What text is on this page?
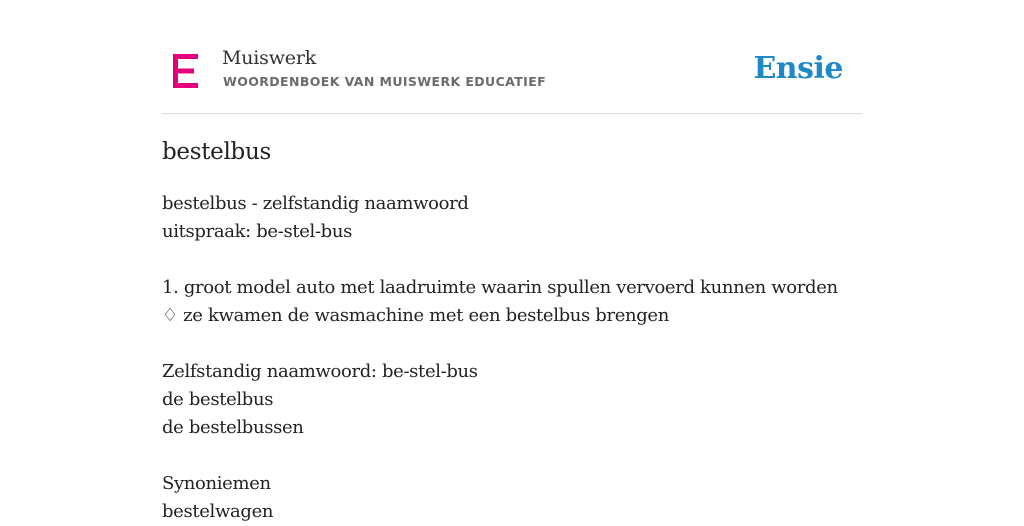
Muiswerk
WOORDENBOEK VAN MUISWERK EDUCATIEF	Ensie
bestelbus
bestelbus - zelfstandig naamwoord
uitspraak: be-stel-bus
1. groot model auto met laadruimte waarin spullen vervoerd kunnen worden
♢ ze kwamen de wasmachine met een bestelbus brengen
Zelfstandig naamwoord: be-stel-bus
de bestelbus
de bestelbussen
Synoniemen
bestelwagen
